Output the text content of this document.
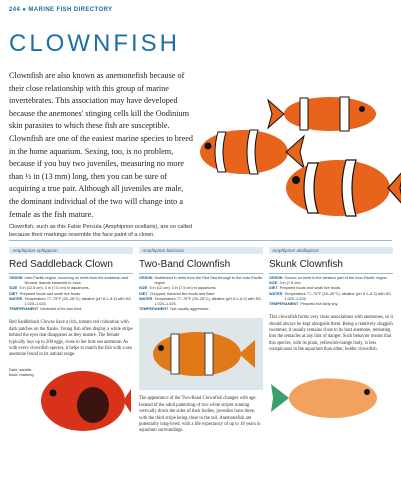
244 ● MARINE FISH DIRECTORY
CLOWNFISH
Clownfish are also known as anemonefish because of their close relationship with this group of marine invertebrates. This association may have developed because the anemones' stinging cells kill the Oodinium skin parasites to which these fish are susceptible. Clownfish are one of the easiest marine species to breed in the home aquarium. Sexing, too, is no problem, because if you buy two juveniles, measuring no more than ½ in (13 mm) long, then you can be sure of acquiring a true pair. Although all juveniles are male, the dominant individual of the two will change into a female as the fish mature.
Clownfish, such as this False Percula (Amphiprion ocellaris), are so called because their markings resemble the face paint of a clown.
Amphiprion ephippium
Red Saddleback Clown
ORIGIN Indo-Pacific region, occurring on reefs from the Andaman and Nicobar Islands eastward to Java.
SIZE 5 in (12.5 cm); 3 in (7.5 cm) in aquariums.
DIET Prepared foods and small live foods.
WATER Temperature 77–79°F (25–26°C); alkaline (pH 8.1–8.3) with SG 1.020–1.025.
TEMPERAMENT Intolerant of its own kind.
Red Saddleback Clowns have a rich, tomato red coloration with dark patches on the flanks. Young fish often display a white stripe behind the eyes that disappears as they mature. The female typically lays up to 200 eggs, close to her host sea anemone. As with every clownfish species, it helps to match the fish with a sea anemone found in its natural range.
Dark 'saddle-back' marking
Amphiprion bicinctus
Two-Band Clownfish
ORIGIN Distributed in reefs from the Red Sea through to the Indo-Pacific region.
SIZE 5 in (12 cm); 3 in (7.5 cm) in aquariums.
DIET Chopped, flavored live foods and flake.
WATER Temperature 77–79°F (25–26°C); alkaline (pH 8.1–8.3) with SG 1.020–1.025.
TEMPERAMENT Not usually aggressive.
The appearance of the Two-Band Clownfish changes with age. Instead of the adult patterning of two white stripes running vertically down the sides of their bodies, juveniles have three, with the third stripe being close to the tail. Anemonefish are potentially long-lived, with a life expectancy of up to 18 years in aquarium surroundings.
Amphiprion akallopisos
Skunk Clownfish
ORIGIN Occurs on reefs in the western part of the Indo-Pacific region.
SIZE 3 in (7.5 cm).
DIET Prepared foods and small live foods.
WATER Temperature 77–79°F (25–26°C); alkaline (pH 8.1–8.3) with SG 1.020–1.025.
TEMPERAMENT Peaceful but fairly shy.
This clownfish forms very close associations with anemones, so it should always be kept alongside them. Being a relatively sluggish swimmer, it usually remains close to its host anemone, retreating into the tentacles at any hint of danger. Such behavior means that this species, with its plain, yellowish-orange body, is less conspicuous in the aquarium than other, bolder clownfish.
